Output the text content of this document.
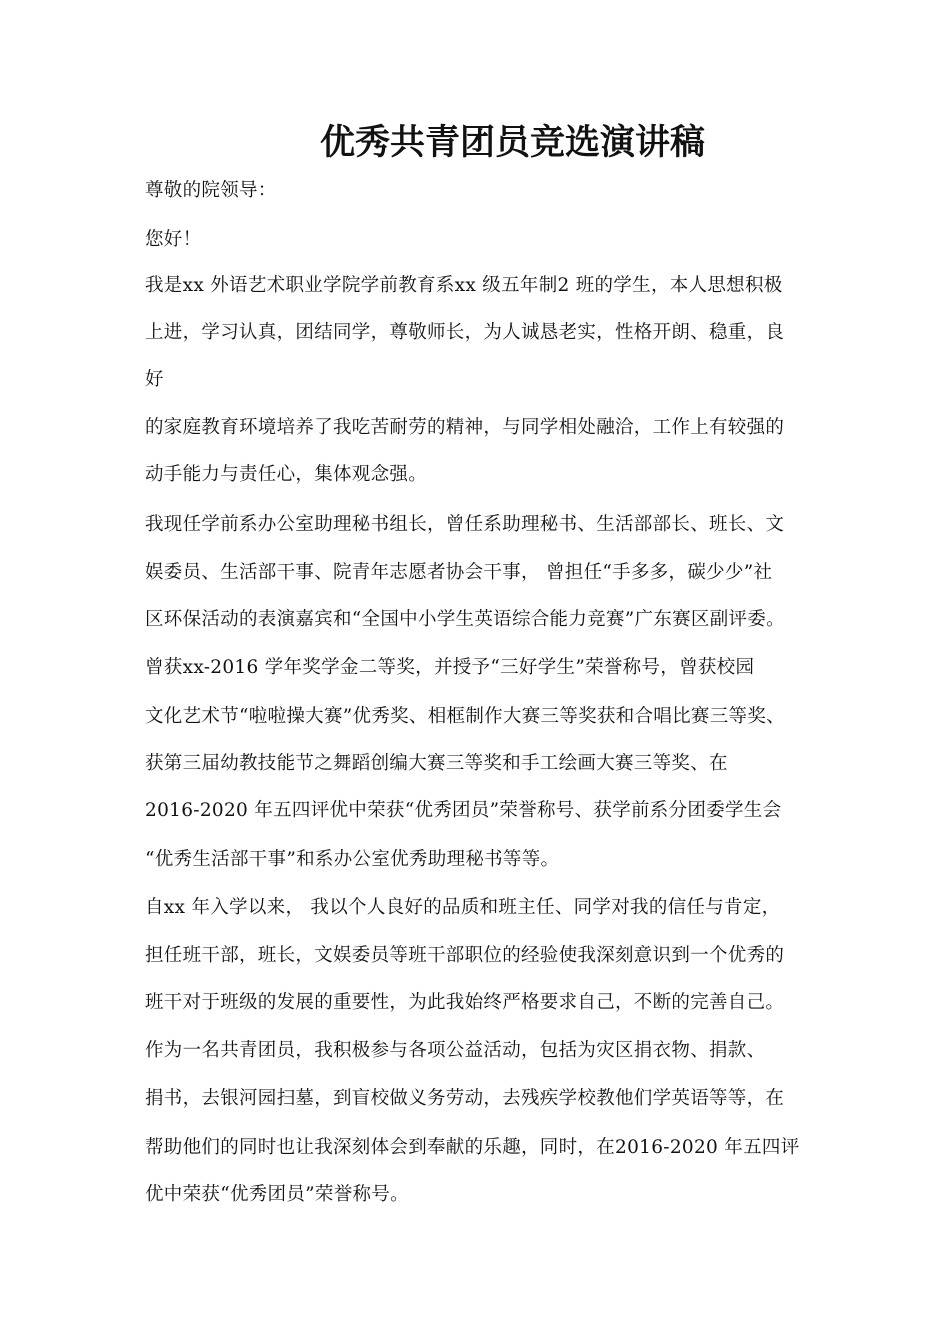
优秀共青团员竞选演讲稿
尊敬的院领导：
您好！
我是xx 外语艺术职业学院学前教育系xx 级五年制2 班的学生，本人思想积极
上进，学习认真，团结同学，尊敬师长，为人诚恳老实，性格开朗、稳重，良
好
的家庭教育环境培养了我吃苦耐劳的精神，与同学相处融洽，工作上有较强的
动手能力与责任心，集体观念强。
我现任学前系办公室助理秘书组长，曾任系助理秘书、生活部部长、班长、文
娱委员、生活部干事、院青年志愿者协会干事， 曾担任“手多多，碳少少”社
区环保活动的表演嘉宾和“全国中小学生英语综合能力竞赛”广东赛区副评委。
曾获xx-2016 学年奖学金二等奖，并授予“三好学生”荣誉称号，曾获校园
文化艺术节“啦啦操大赛”优秀奖、相框制作大赛三等奖获和合唱比赛三等奖、
获第三届幼教技能节之舞蹈创编大赛三等奖和手工绘画大赛三等奖、在
2016-2020 年五四评优中荣获“优秀团员”荣誉称号、获学前系分团委学生会
“优秀生活部干事”和系办公室优秀助理秘书等等。
自xx 年入学以来， 我以个人良好的品质和班主任、同学对我的信任与肯定，
担任班干部，班长，文娱委员等班干部职位的经验使我深刻意识到一个优秀的
班干对于班级的发展的重要性，为此我始终严格要求自己，不断的完善自己。
作为一名共青团员，我积极参与各项公益活动，包括为灾区捐衣物、捐款、
捐书，去银河园扫墓，到盲校做义务劳动，去残疾学校教他们学英语等等，在
帮助他们的同时也让我深刻体会到奉献的乐趣，同时，在2016-2020 年五四评
优中荣获“优秀团员”荣誉称号。
